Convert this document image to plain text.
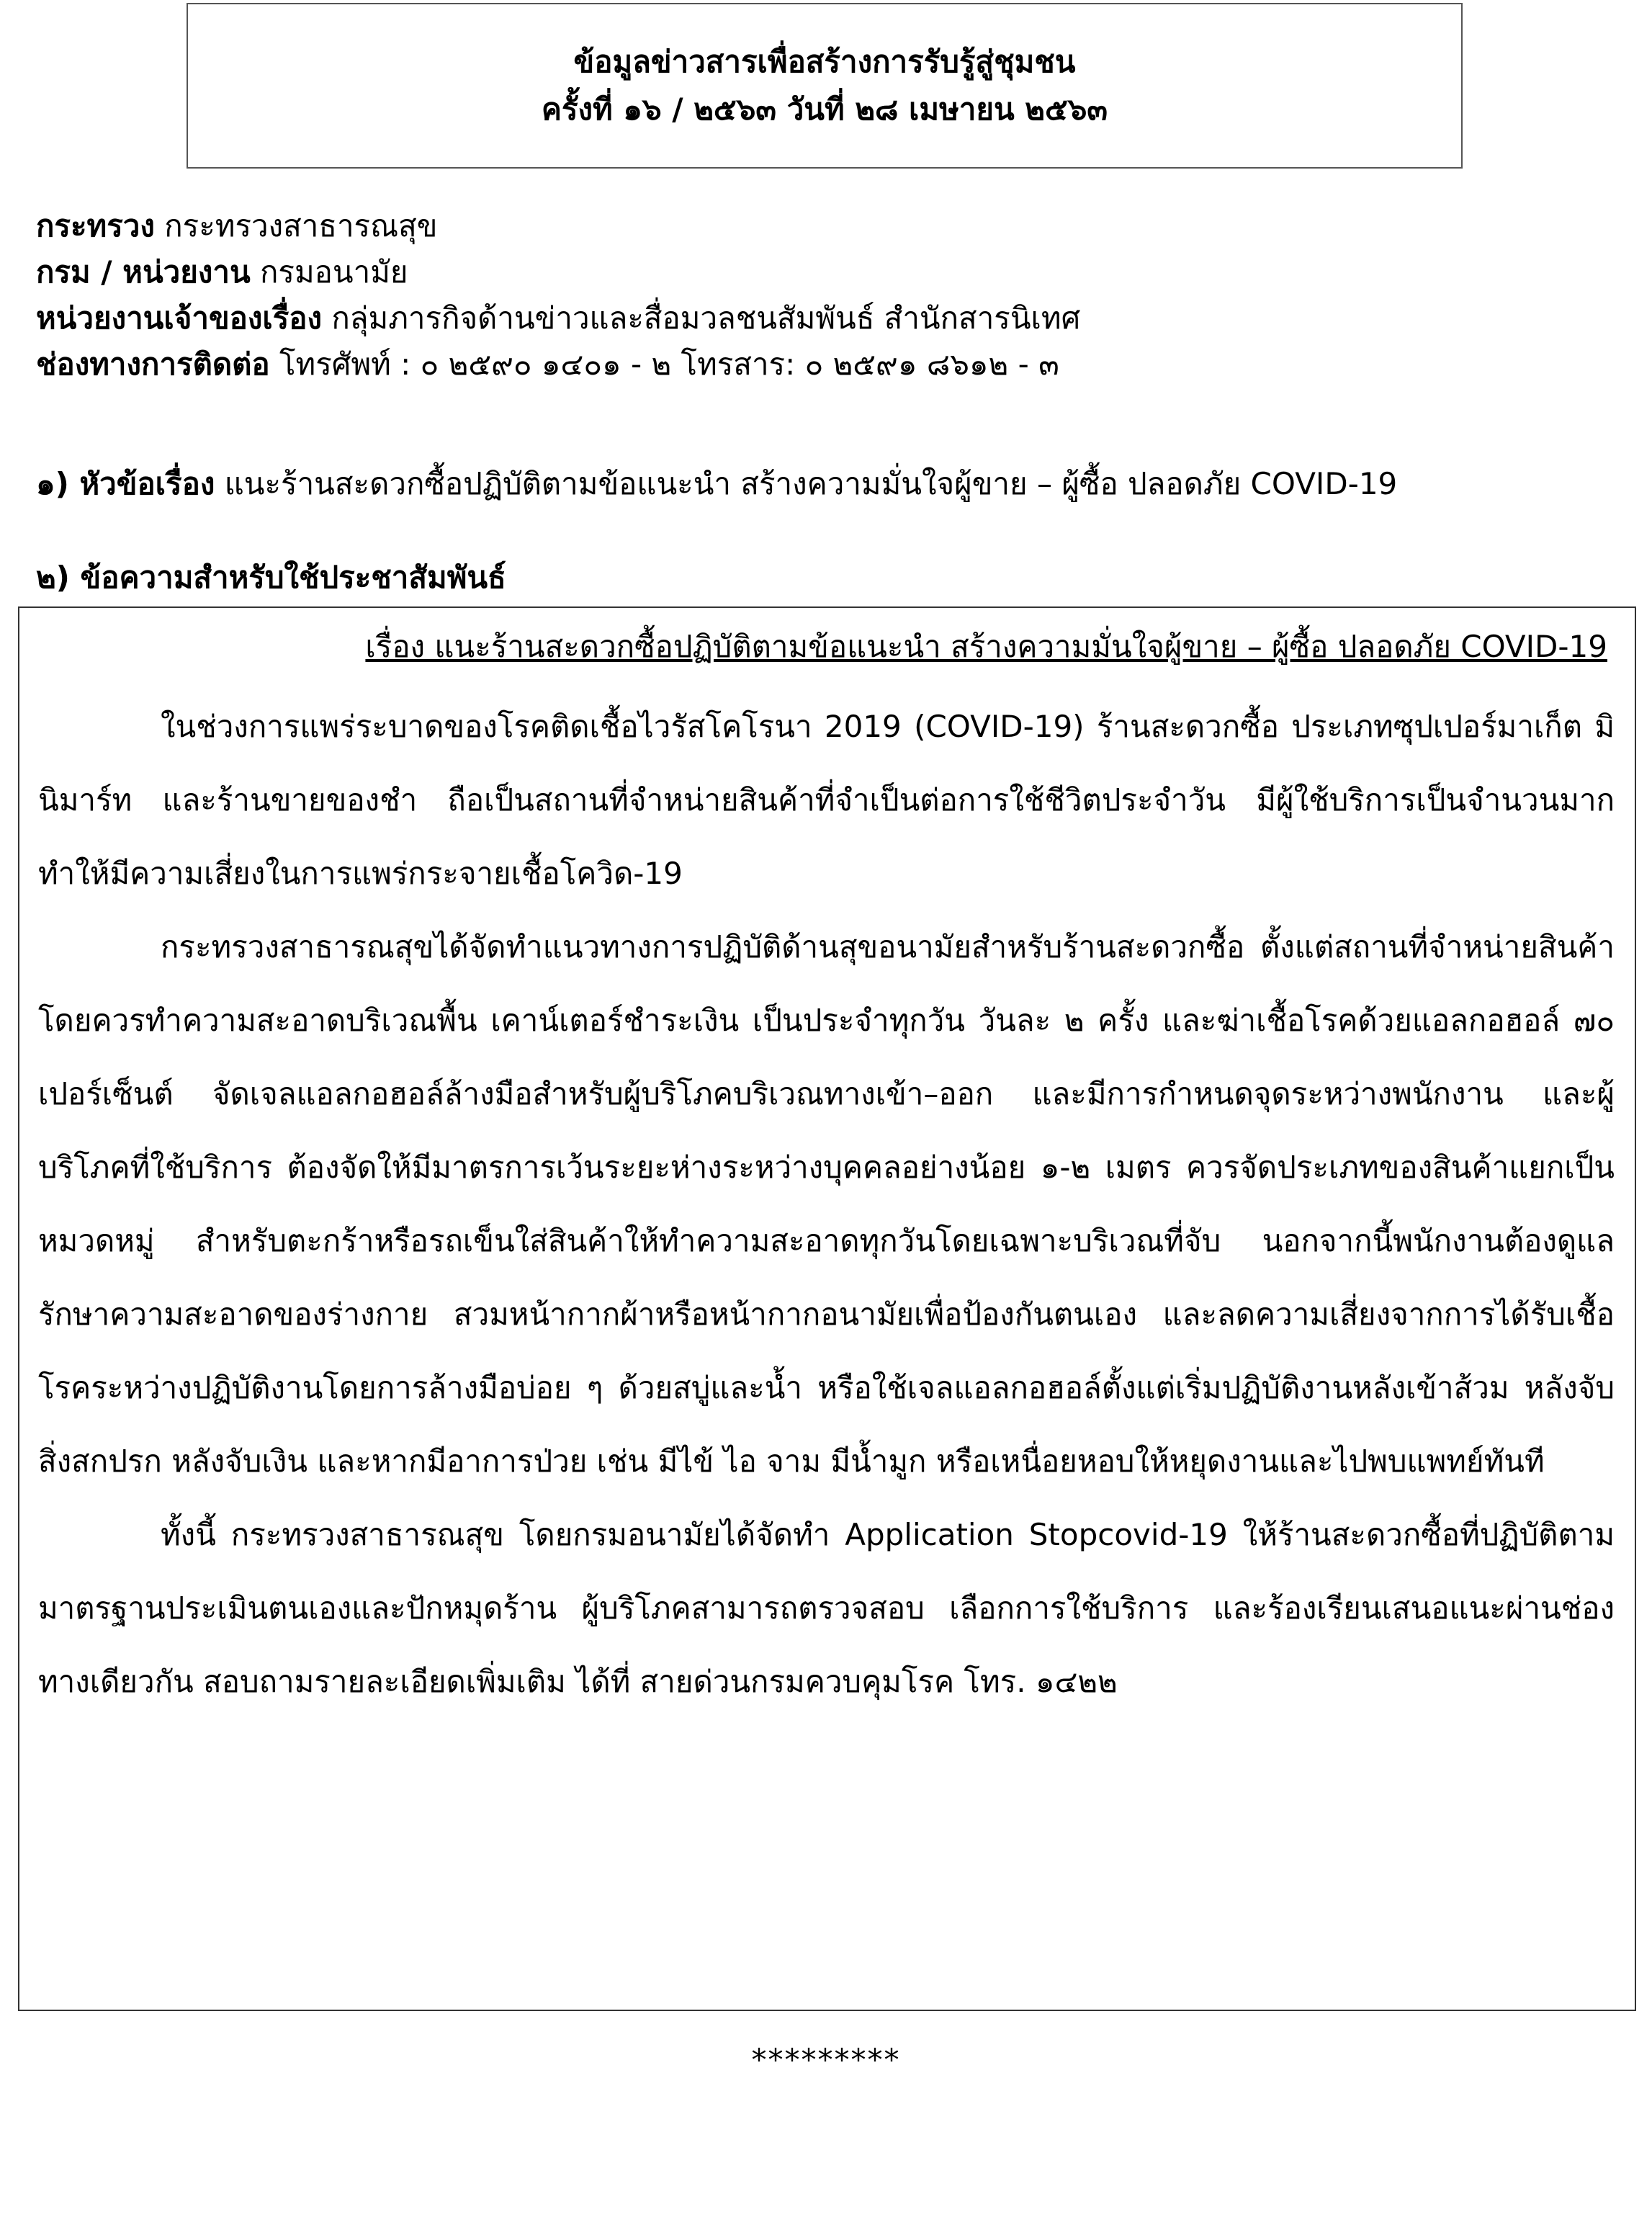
ข้อมูลข่าวสารเพื่อสร้างการรับรู้สู่ชุมชน
ครั้งที่ ๑๖ / ๒๕๖๓ วันที่ ๒๘ เมษายน ๒๕๖๓
กระทรวง กระทรวงสาธารณสุข
กรม / หน่วยงาน กรมอนามัย
หน่วยงานเจ้าของเรื่อง กลุ่มภารกิจด้านข่าวและสื่อมวลชนสัมพันธ์ สำนักสารนิเทศ
ช่องทางการติดต่อ โทรศัพท์ : ๐ ๒๕๙๐ ๑๔๐๑ - ๒ โทรสาร: ๐ ๒๕๙๑ ๘๖๑๒ - ๓
๑) หัวข้อเรื่อง แนะร้านสะดวกซื้อปฏิบัติตามข้อแนะนำ สร้างความมั่นใจผู้ขาย – ผู้ซื้อ ปลอดภัย COVID-19
๒) ข้อความสำหรับใช้ประชาสัมพันธ์
เรื่อง แนะร้านสะดวกซื้อปฏิบัติตามข้อแนะนำ สร้างความมั่นใจผู้ขาย – ผู้ซื้อ ปลอดภัย COVID-19

ในช่วงการแพร่ระบาดของโรคติดเชื้อไวรัสโคโรนา 2019 (COVID-19) ร้านสะดวกซื้อ ประเภทซุปเปอร์มาเก็ต มินิมาร์ท และร้านขายของชำ ถือเป็นสถานที่จำหน่ายสินค้าที่จำเป็นต่อการใช้ชีวิตประจำวัน มีผู้ใช้บริการเป็นจำนวนมาก ทำให้มีความเสี่ยงในการแพร่กระจายเชื้อโควิด-19

กระทรวงสาธารณสุขได้จัดทำแนวทางการปฏิบัติด้านสุขอนามัยสำหรับร้านสะดวกซื้อ ตั้งแต่สถานที่จำหน่ายสินค้า โดยควรทำความสะอาดบริเวณพื้น เคาน์เตอร์ชำระเงิน เป็นประจำทุกวัน วันละ ๒ ครั้ง และฆ่าเชื้อโรคด้วยแอลกอฮอล์ ๗๐ เปอร์เซ็นต์ จัดเจลแอลกอฮอล์ล้างมือสำหรับผู้บริโภคบริเวณทางเข้า–ออก และมีการกำหนดจุดระหว่างพนักงาน และผู้บริโภคที่ใช้บริการ ต้องจัดให้มีมาตรการเว้นระยะห่างระหว่างบุคคลอย่างน้อย ๑-๒ เมตร ควรจัดประเภทของสินค้าแยกเป็นหมวดหมู่ สำหรับตะกร้าหรือรถเข็นใส่สินค้าให้ทำความสะอาดทุกวันโดยเฉพาะบริเวณที่จับ นอกจากนี้พนักงานต้องดูแลรักษาความสะอาดของร่างกาย สวมหน้ากากผ้าหรือหน้ากากอนามัยเพื่อป้องกันตนเอง และลดความเสี่ยงจากการได้รับเชื้อโรคระหว่างปฏิบัติงานโดยการล้างมือบ่อย ๆ ด้วยสบู่และน้ำ หรือใช้เจลแอลกอฮอล์ตั้งแต่เริ่มปฏิบัติงานหลังเข้าส้วม หลังจับสิ่งสกปรก หลังจับเงิน และหากมีอาการป่วย เช่น มีไข้ ไอ จาม มีน้ำมูก หรือเหนื่อยหอบให้หยุดงานและไปพบแพทย์ทันที

ทั้งนี้ กระทรวงสาธารณสุข โดยกรมอนามัยได้จัดทำ Application Stopcovid-19 ให้ร้านสะดวกซื้อที่ปฏิบัติตามมาตรฐานประเมินตนเองและปักหมุดร้าน ผู้บริโภคสามารถตรวจสอบ เลือกการใช้บริการ และร้องเรียนเสนอแนะผ่านช่องทางเดียวกัน สอบถามรายละเอียดเพิ่มเติม ได้ที่ สายด่วนกรมควบคุมโรค โทร. ๑๔๒๒

*********
